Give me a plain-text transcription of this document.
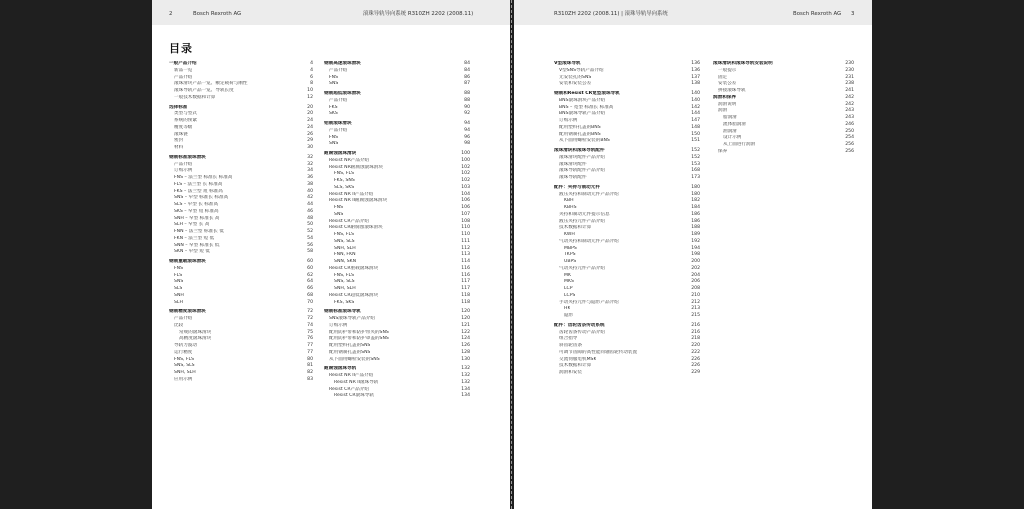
2	Bosch Rexroth AG	滚珠导轨导向系统 R310ZH 2202 (2008.11)
目录
一般产品介绍	4
新品一览	4
产品介绍	6
滚珠滑块产品一览、额定载荷与刚性	8
滚珠导轨产品一览、导轨长度	10
一般技术数据和计算	12
选择标准	20
类型与型式	20
系统的预紧	24
精度等级	24
滚珠链	26
密封	29
材料	30
钢制标准滚珠滑块	32
产品介绍	32
订购示例	34
FNS – 法兰型 标准长 标准高	36
FLS – 法兰型 长 标准高	38
FKS – 法兰型 短 标准高	40
SNS – 窄型 标准长 标准高	42
SLS – 窄型 长 标准高	44
SKS – 窄型 短 标准高	46
SNH – 窄型 标准长 高	48
SLH – 窄型 长 高	50
FNN – 法兰型 标准长 低	52
FKN – 法兰型 短 低	54
SNN – 窄型 标准长 低	56
SKN – 窄型 短 低	58
钢制重载滚珠滑块	60
FNS	60
FLS	62
SNS	64
SLS	66
SNH	68
SLH	70
钢制精度滚珠滑块	72
产品介绍	72
比较	74
常规的滚珠滑块	75
高精度滚珠滑块	76
导轨力波动	77
运行精度	77
FNS, FLS	80
SNS, SLS	81
SNH, SLH	82
应用示例	83
钢制高速滚珠滑块	84
产品介绍	84
FNS	86
SNS	87
钢制超低滚珠滑块	88
产品介绍	88
FKS	90
SKS	92
铝制滚珠滑块	94
产品介绍	94
FNS	96
SNS	98
耐腐蚀滚珠滑块	100
Resist NR产品介绍	100
Resist NR耐腐蚀滚珠滑块	102
FNS, FLS	102
FKS, SNS	102
SLS, SKS	103
Resist NR II产品介绍	104
Resist NR II耐腐蚀滚珠滑块	106
FNS	106
SNS	107
Resist CR产品介绍	108
Resist CR耐腐蚀滚珠滑块	110
FNS, FLS	110
SNS, SLS	111
SNH, SLH	112
FNN, FKN	113
SNN, SKN	114
Resist CR重载滚珠滑块	116
FNS, FLS	116
SNS, SLS	117
SNH, SLH	117
Resist CR超低滚珠滑块	118
FKS, SKS	118
钢制标准滚珠导轨	120
SNS滚珠导轨产品介绍	120
订购示例	121
配用防护带和防护带夹的SNS	122
配用防护带和防护罩盖的SNS	124
配用塑料孔盖的SNS	126
配用钢制孔盖的SNS	128
从下面用螺栓安装的SNS	130
耐腐蚀滚珠导轨	132
Resist NR II产品介绍	132
Resist NR II滚珠导轨	132
Resist CR产品介绍	134
Resist CR滚珠导轨	134
R310ZH 2202 (2008.11) | 滚珠导轨导向系统	Bosch Rexroth AG 3
V型滚珠导轨	136
V型SNS导轨产品介绍	136
无安装孔的SNS	137
安装和安装公差	138
钢制和Resist CR宽型滚珠导轨	140
BNS滚珠滑块产品介绍	140
BNS – 宽型 标准长 标准高	142
BNS滚珠导轨产品介绍	144
订购示例	147
配用塑料孔盖的BNS	148
配用钢制孔盖的BNS	150
从下面用螺栓安装的BNS	151
滚珠滑块和滚珠导轨配件	152
滚珠滑块配件产品介绍	152
滚珠滑块配件	153
滚珠导轨配件产品介绍	168
滚珠导轨配件	173
配件：夹持与制动元件	180
液压夹持和制动元件产品介绍	180
KBH	182
KBHS	184
夹持和制动元件提示信息	186
液压夹持元件产品介绍	186
技术数据和计算	188
KWH	189
气动夹持和制动元件产品介绍	192
MBPS	194
TKPS	198
UBPS	200
气动夹持元件产品介绍	202
MK	204
MKS	206
LCP	208
LCPS	210
手动夹持元件与隐形产品介绍	212
HK	213
隐形	215
配件：齿轮齿条传动系统	216
齿轮齿条传动产品介绍	216
组合指导	218
斜齿轮齿条	220
可调节齿隙的高性能同轴齿轮传动装置	222
交流伺服电机MSK	226
技术数据和计算	226
润滑和安装	229
滚珠滑块和滚珠导轨安装说明	230
一般提示	230
固定	231
安装公差	238
拼接滚珠导轨	241
润滑和保养	242
润滑说明	242
润滑	243
脂润滑	243
流体脂润滑	246
油润滑	250
设计示例	254
从上面进行润滑	256
保养	256
